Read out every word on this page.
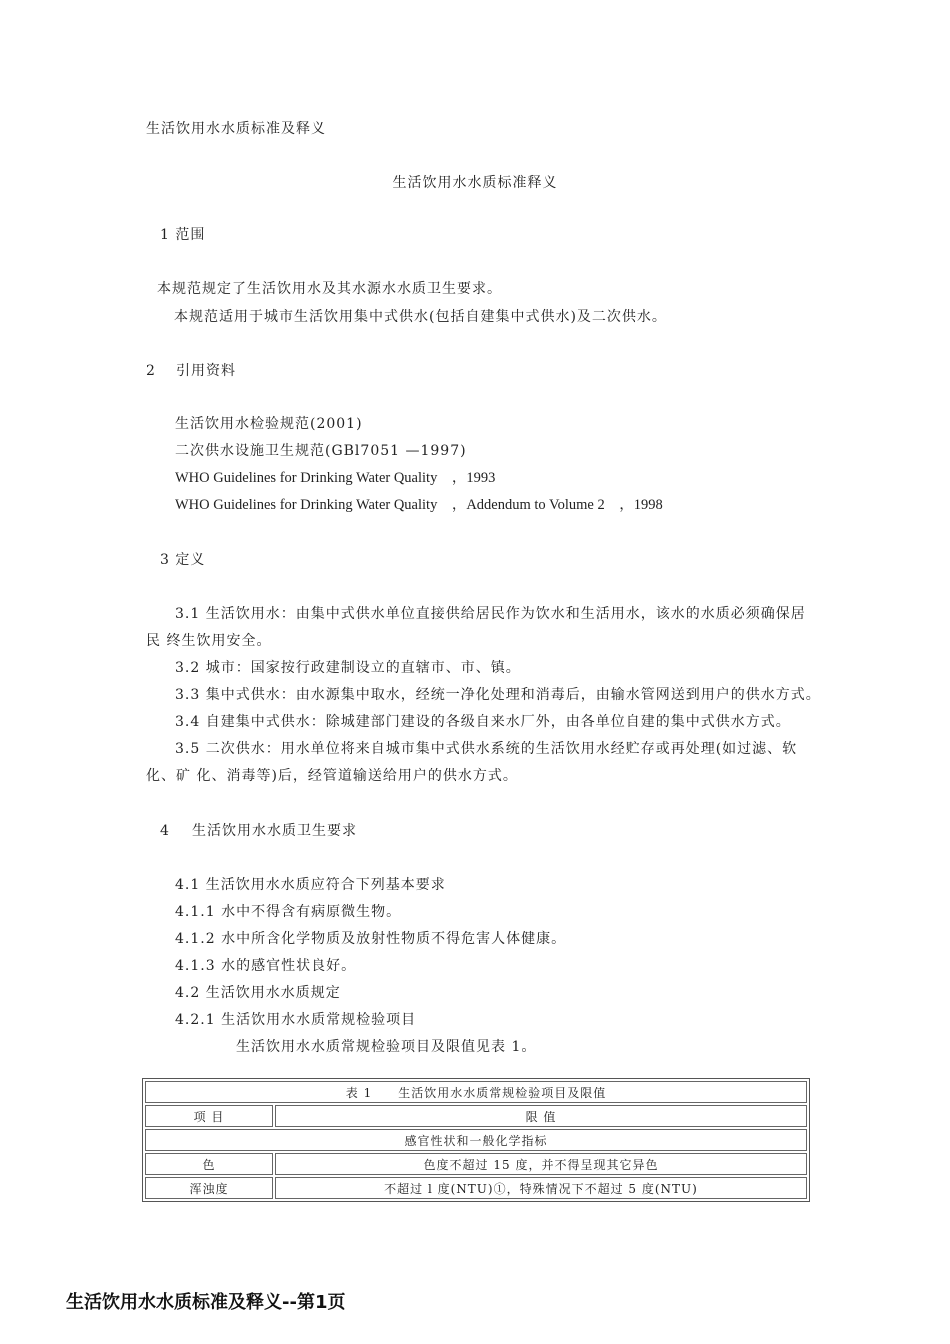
生活饮用水水质标准及释义
生活饮用水水质标准释义
1 范围
本规范规定了生活饮用水及其水源水水质卫生要求。
本规范适用于城市生活饮用集中式供水(包括自建集中式供水)及二次供水。
2 引用资料
生活饮用水检验规范(2001)
二次供水设施卫生规范(GBl7051 —1997)
WHO Guidelines for Drinking Water Quality　，1993
WHO Guidelines for Drinking Water Quality　，Addendum to Volume 2　，1998
3 定义
3.1 生活饮用水：由集中式供水单位直接供给居民作为饮水和生活用水，该水的水质必须确保居
民 终生饮用安全。
3.2 城市：国家按行政建制设立的直辖市、市、镇。
3.3 集中式供水：由水源集中取水，经统一净化处理和消毒后，由输水管网送到用户的供水方式。
3.4 自建集中式供水：除城建部门建设的各级自来水厂外，由各单位自建的集中式供水方式。
3.5 二次供水：用水单位将来自城市集中式供水系统的生活饮用水经贮存或再处理(如过滤、软
化、矿 化、消毒等)后，经管道输送给用户的供水方式。
4 生活饮用水水质卫生要求
4.1 生活饮用水水质应符合下列基本要求
4.1.1 水中不得含有病原微生物。
4.1.2 水中所含化学物质及放射性物质不得危害人体健康。
4.1.3 水的感官性状良好。
4.2 生活饮用水水质规定
4.2.1 生活饮用水水质常规检验项目
生活饮用水水质常规检验项目及限值见表 1。
表 1　　生活饮用水水质常规检验项目及限值	
项 目	限 值
感官性状和一般化学指标	
色	色度不超过 15 度，并不得呈现其它异色
浑浊度	不超过 l 度(NTU)①，特殊情况下不超过 5 度(NTU)
生活饮用水水质标准及释义--第1页
